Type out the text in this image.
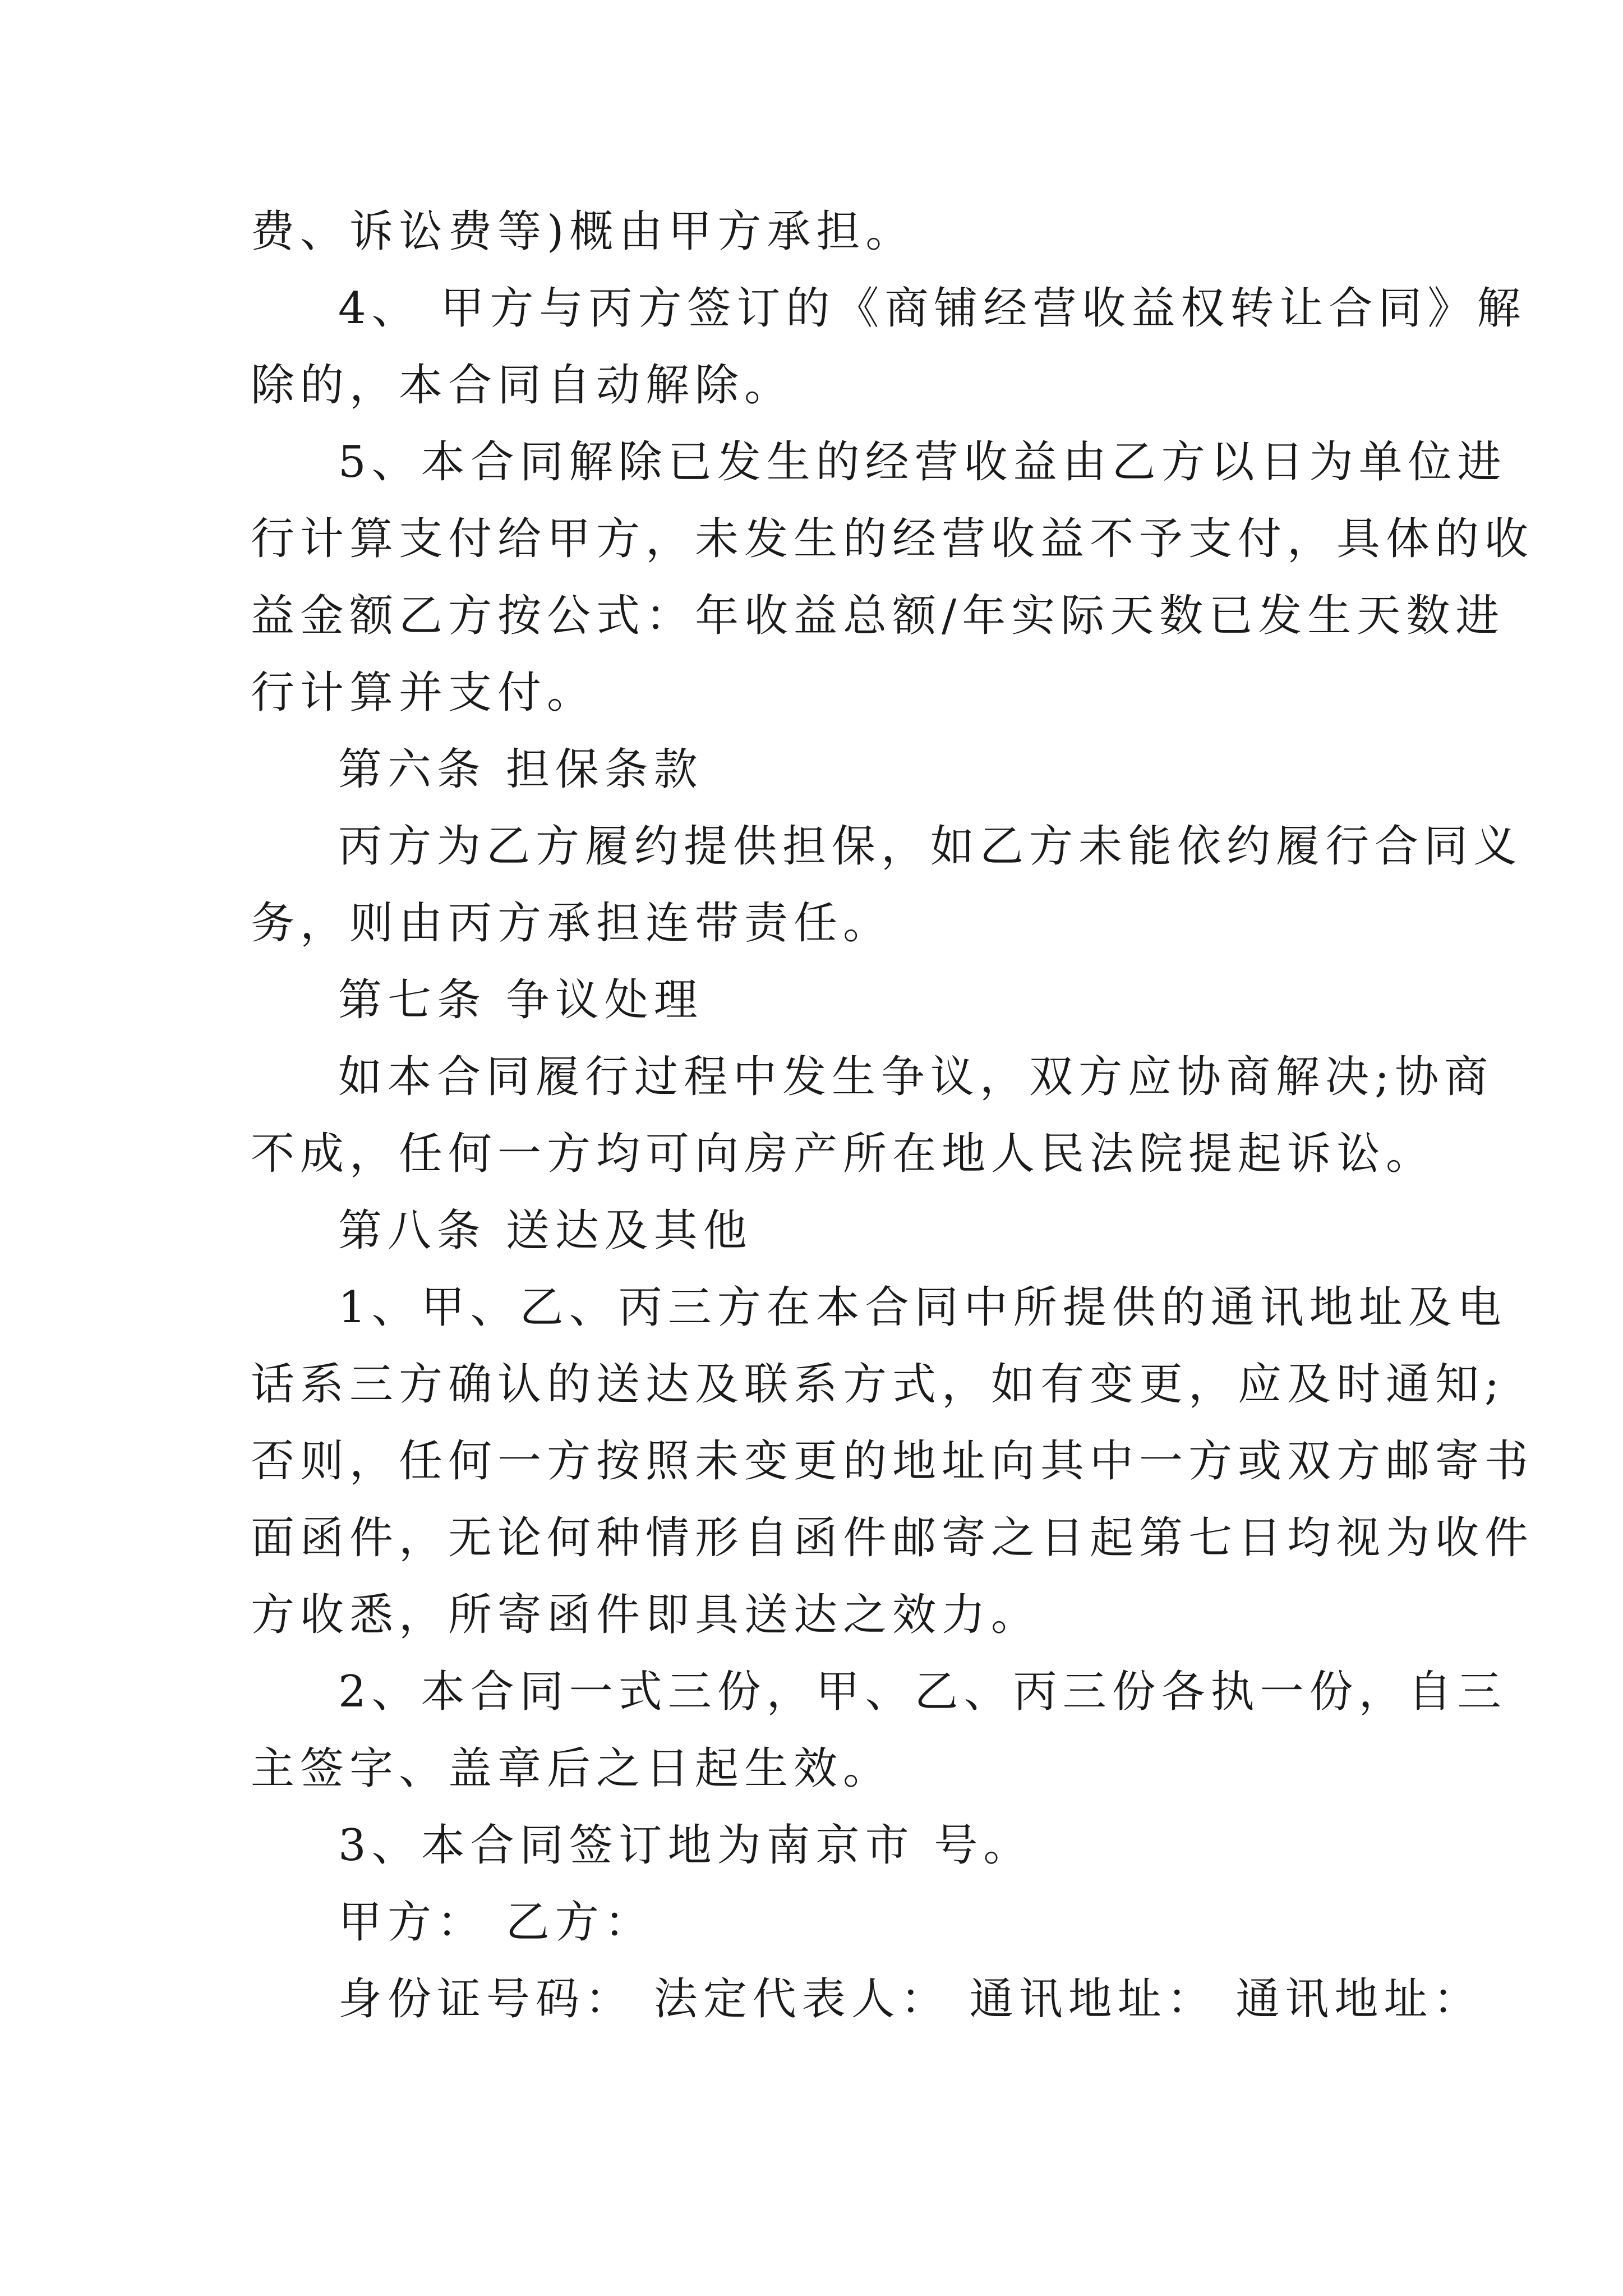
费、诉讼费等)概由甲方承担。
4、 甲方与丙方签订的《商铺经营收益权转让合同》解
除的，本合同自动解除。
5、本合同解除已发生的经营收益由乙方以日为单位进
行计算支付给甲方，未发生的经营收益不予支付，具体的收
益金额乙方按公式：年收益总额/年实际天数已发生天数进
行计算并支付。
第六条 担保条款
丙方为乙方履约提供担保，如乙方未能依约履行合同义
务，则由丙方承担连带责任。
第七条 争议处理
如本合同履行过程中发生争议，双方应协商解决;协商
不成，任何一方均可向房产所在地人民法院提起诉讼。
第八条 送达及其他
1、甲、乙、丙三方在本合同中所提供的通讯地址及电
话系三方确认的送达及联系方式，如有变更，应及时通知;
否则，任何一方按照未变更的地址向其中一方或双方邮寄书
面函件，无论何种情形自函件邮寄之日起第七日均视为收件
方收悉，所寄函件即具送达之效力。
2、本合同一式三份，甲、乙、丙三份各执一份，自三
主签字、盖章后之日起生效。
3、本合同签订地为南京市 号。
甲方： 乙方：
身份证号码： 法定代表人： 通讯地址： 通讯地址：
